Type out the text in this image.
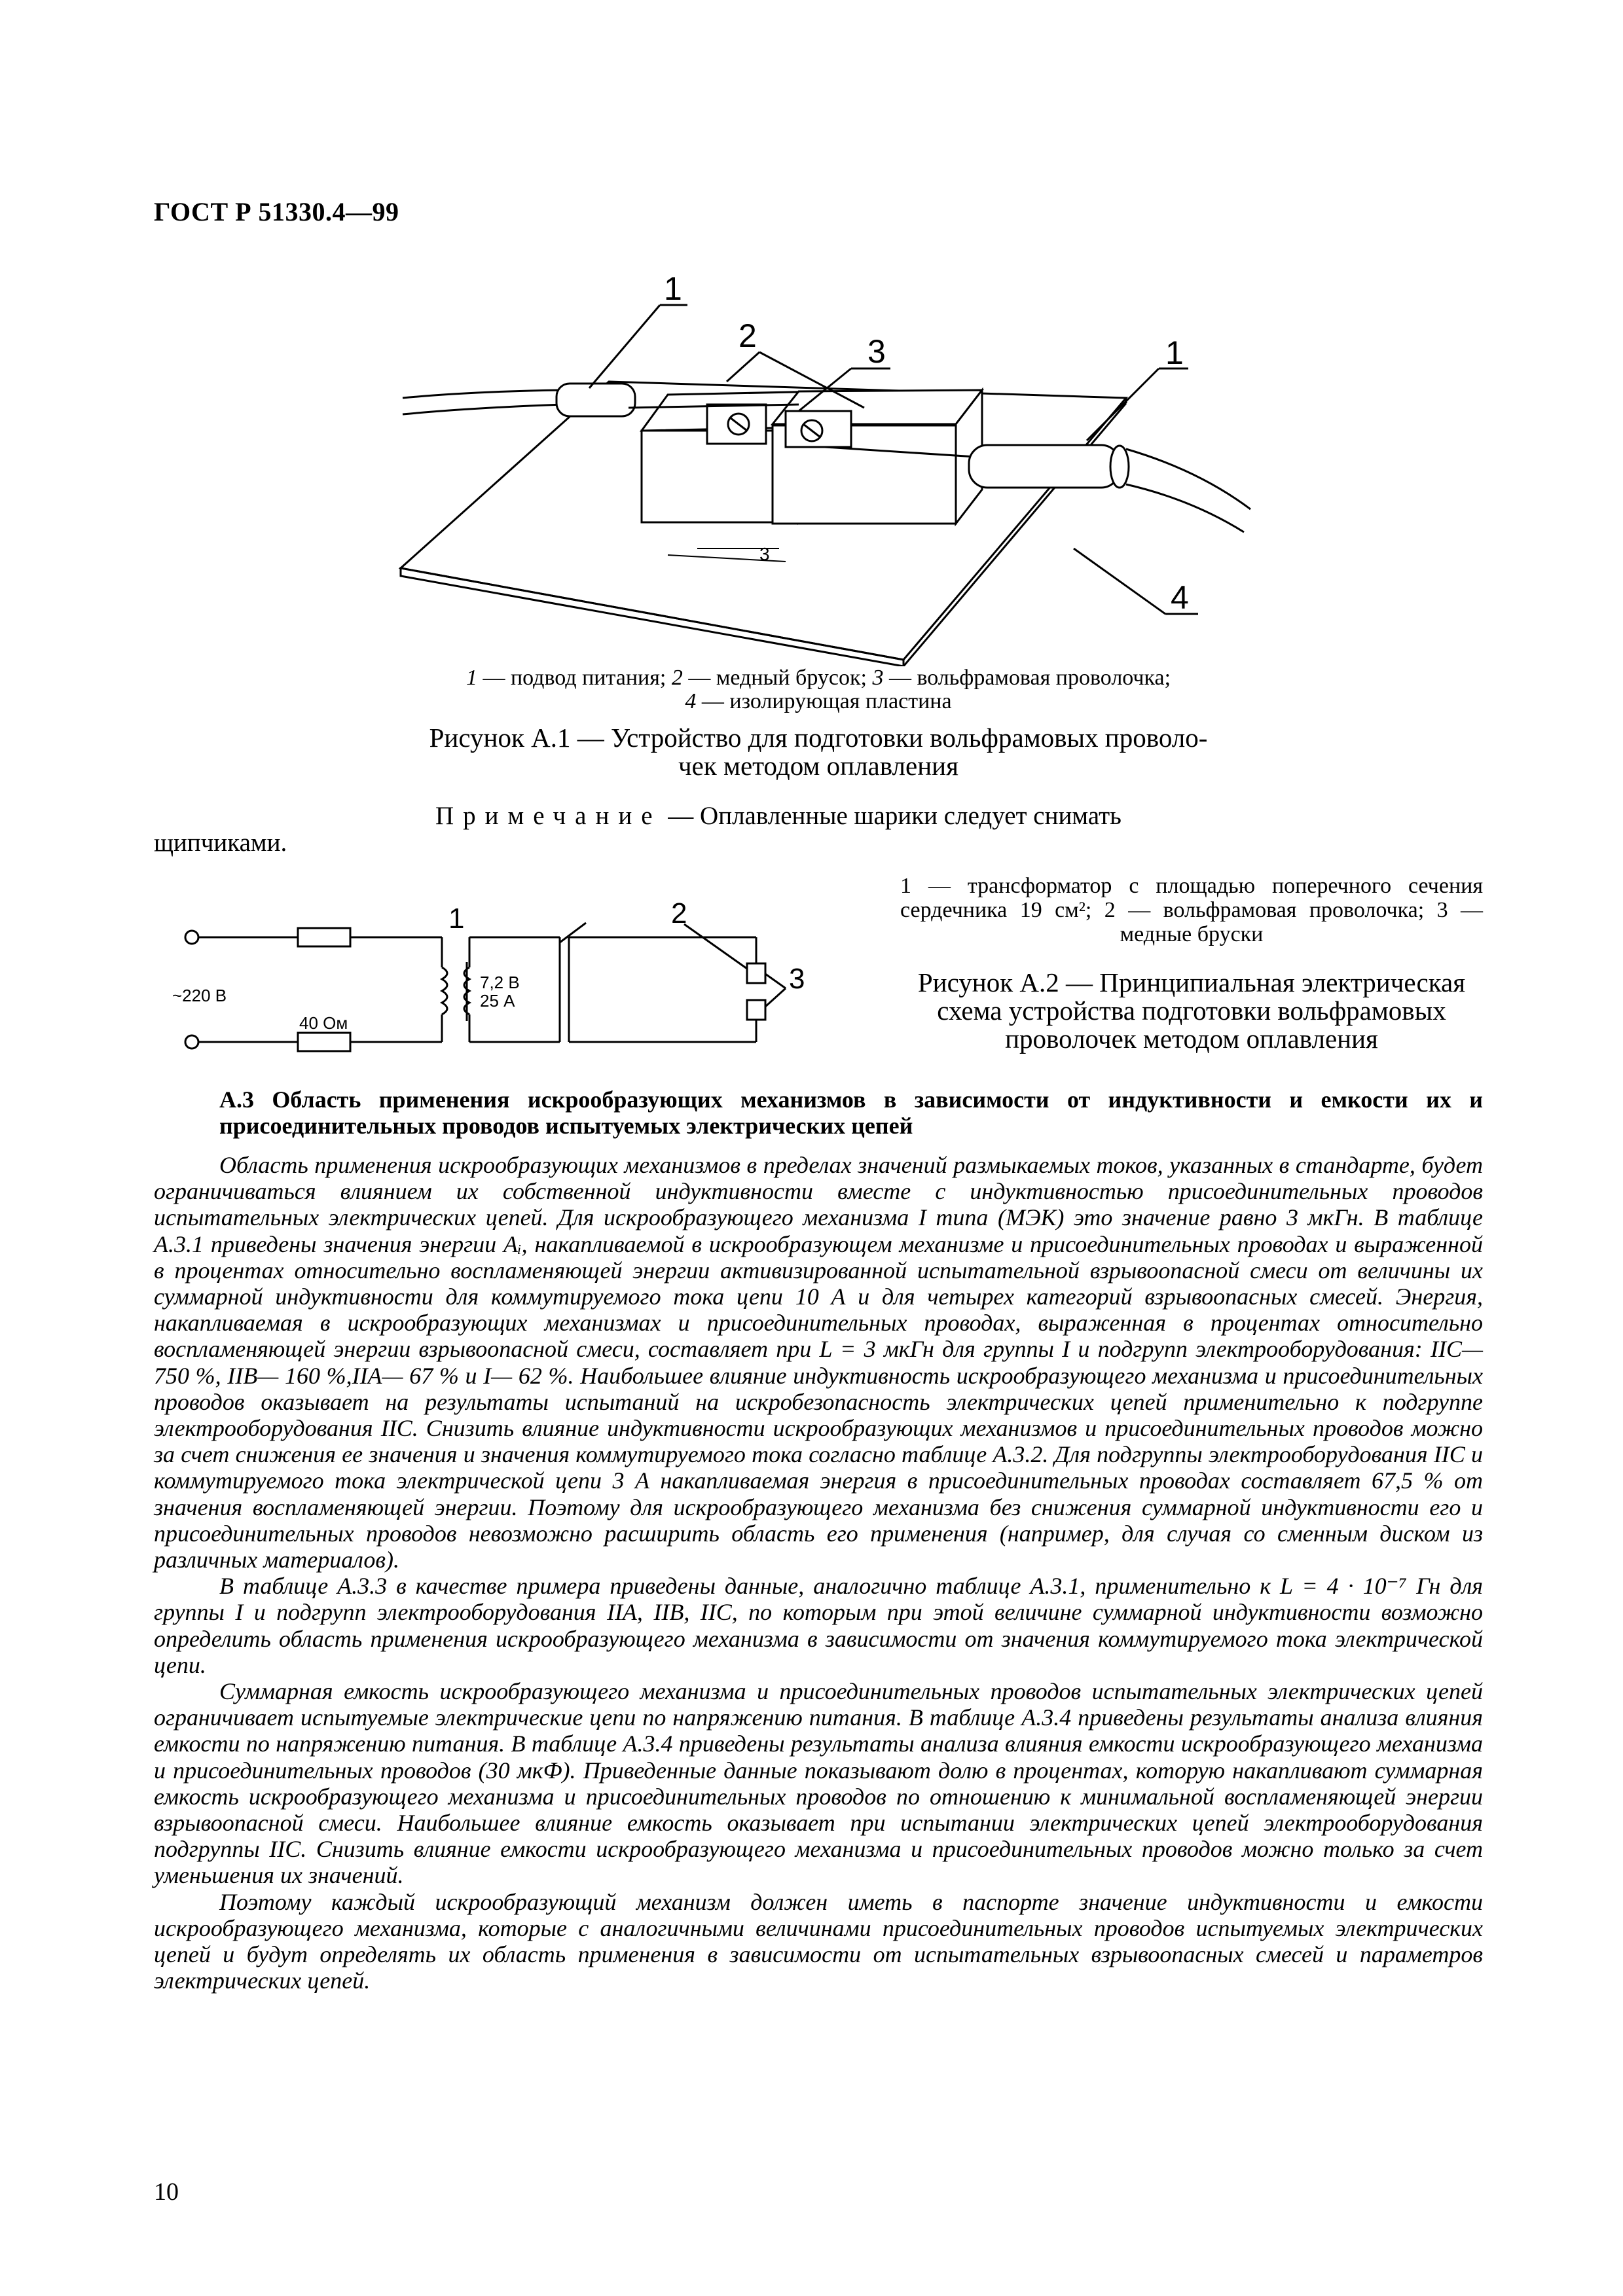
ГОСТ Р 51330.4—99
1
2	3	1
4
3
1 — подвод питания; 2 — медный брусок; 3 — вольфрамовая проволочка;
4 — изолирующая пластина
Рисунок А.1 — Устройство для подготовки вольфрамовых проволо-
чек методом оплавления
Примечание — Оплавленные шарики следует снимать
щипчиками.
~220 В
40 Ом
7,2 В
25 А
1	2
3
1 — трансформатор с площадью поперечного сечения сердечника 19 см²; 2 — вольфрамовая проволочка; 3 — медные бруски
Рисунок А.2 — Принципиальная электрическая схема устройства подготовки вольфрамовых проволочек методом оплавления
А.3 Область применения искрообразующих механизмов в зависимости от индуктивности и емкости их и присоединительных проводов испытуемых электрических цепей

Область применения искрообразующих механизмов в пределах значений размыкаемых токов, указанных в стандарте, будет ограничиваться влиянием их собственной индуктивности вместе с индуктивностью присоединительных проводов испытательных электрических цепей. Для искрообразующего механизма I типа (МЭК) это значение равно 3 мкГн. В таблице А.3.1 приведены значения энергии Aᵢ, накапливаемой в искрообразующем механизме и присоединительных проводах и выраженной в процентах относительно воспламеняющей энергии активизированной испытательной взрывоопасной смеси от величины их суммарной индуктивности для коммутируемого тока цепи 10 А и для четырех категорий взрывоопасных смесей. Энергия, накапливаемая в искрообразующих механизмах и присоединительных проводах, выраженная в процентах относительно воспламеняющей энергии взрывоопасной смеси, составляет при L = 3 мкГн для группы I и подгрупп электрооборудования: IIC— 750 %, IIB— 160 %,IIA— 67 % и I— 62 %. Наибольшее влияние индуктивность искрообразующего механизма и присоединительных проводов оказывает на результаты испытаний на искробезопасность электрических цепей применительно к подгруппе электрооборудования IIC. Снизить влияние индуктивности искрообразующих механизмов и присоединительных проводов можно за счет снижения ее значения и значения коммутируемого тока согласно таблице А.3.2. Для подгруппы электрооборудования IIC и коммутируемого тока электрической цепи 3 А накапливаемая энергия в присоединительных проводах составляет 67,5 % от значения воспламеняющей энергии. Поэтому для искрообразующего механизма без снижения суммарной индуктивности его и присоединительных проводов невозможно расширить область его применения (например, для случая со сменным диском из различных материалов).

В таблице А.3.3 в качестве примера приведены данные, аналогично таблице А.3.1, применительно к L = 4 · 10⁻⁷ Гн для группы I и подгрупп электрооборудования IIA, IIB, IIC, по которым при этой величине суммарной индуктивности возможно определить область применения искрообразующего механизма в зависимости от значения коммутируемого тока электрической цепи.

Суммарная емкость искрообразующего механизма и присоединительных проводов испытательных электрических цепей ограничивает испытуемые электрические цепи по напряжению питания. В таблице А.3.4 приведены результаты анализа влияния емкости по напряжению питания. В таблице А.3.4 приведены результаты анализа влияния емкости искрообразующего механизма и присоединительных проводов (30 мкФ). Приведенные данные показывают долю в процентах, которую накапливают суммарная емкость искрообразующего механизма и присоединительных проводов по отношению к минимальной воспламеняющей энергии взрывоопасной смеси. Наибольшее влияние емкость оказывает при испытании электрических цепей электрооборудования подгруппы IIC. Снизить влияние емкости искрообразующего механизма и присоединительных проводов можно только за счет уменьшения их значений.

Поэтому каждый искрообразующий механизм должен иметь в паспорте значение индуктивности и емкости искрообразующего механизма, которые с аналогичными величинами присоединительных проводов испытуемых электрических цепей и будут определять их область применения в зависимости от испытательных взрывоопасных смесей и параметров электрических цепей.

10
